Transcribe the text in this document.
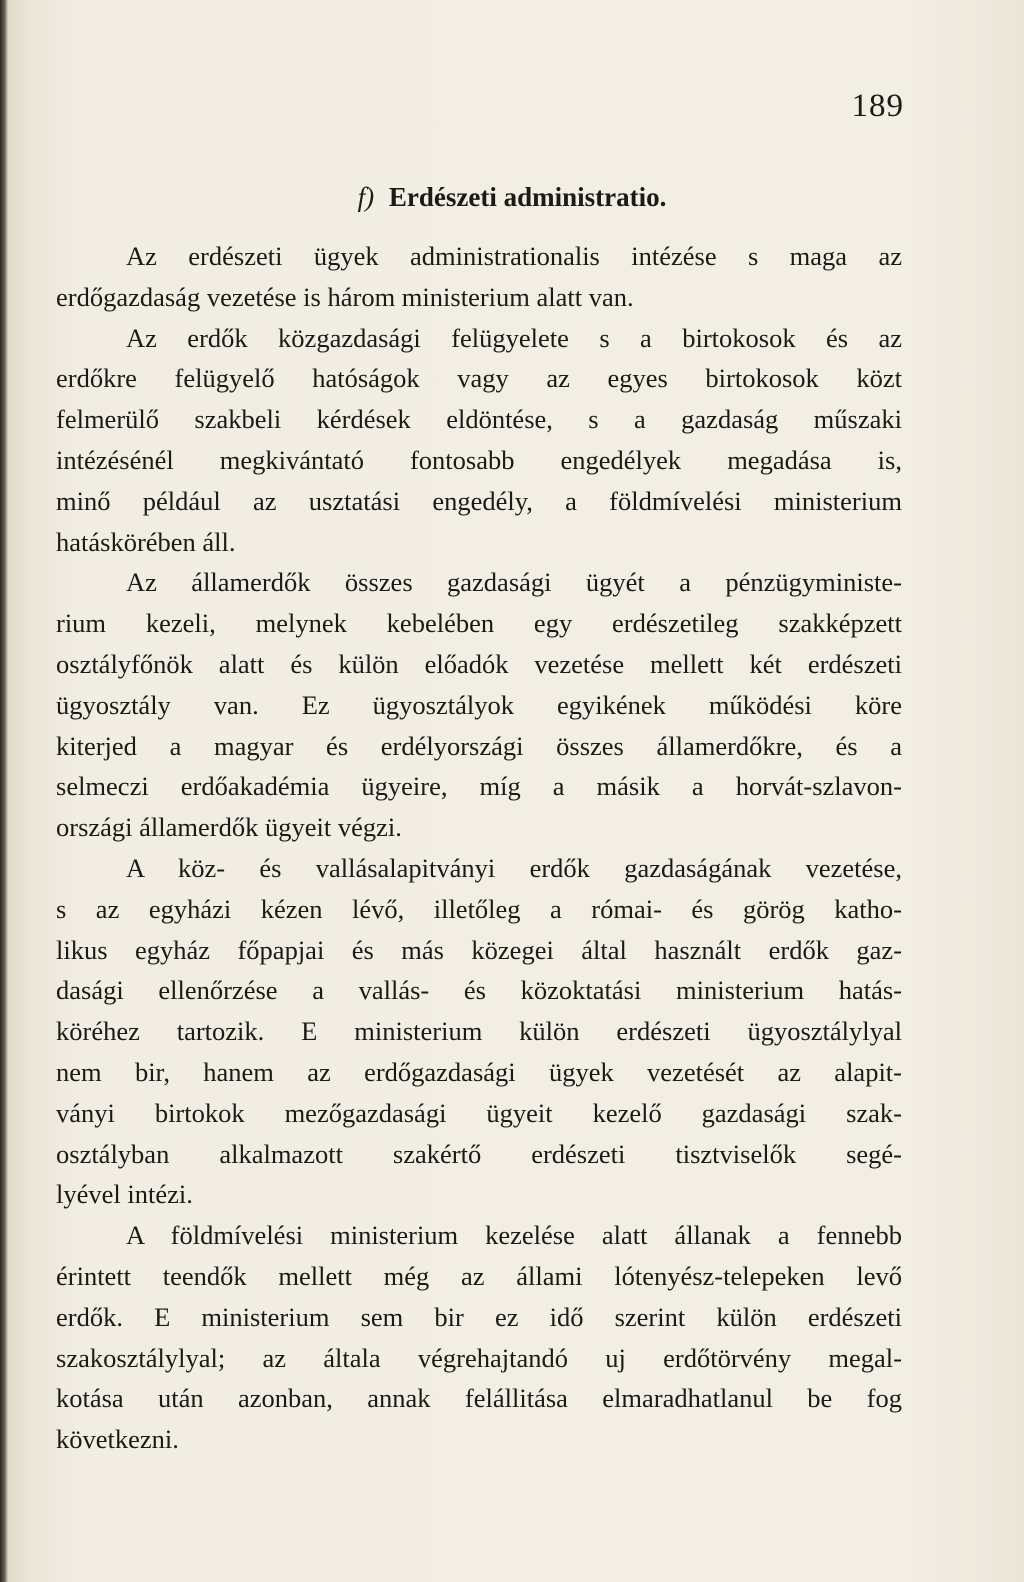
189
f) Erdészeti administratio.
Az erdészeti ügyek administrationalis intézése s maga az
erdőgazdaság vezetése is három ministerium alatt van.
Az erdők közgazdasági felügyelete s a birtokosok és az
erdőkre felügyelő hatóságok vagy az egyes birtokosok közt
felmerülő szakbeli kérdések eldöntése, s a gazdaság műszaki
intézésénél megkivántató fontosabb engedélyek megadása is,
minő például az usztatási engedély, a földmívelési ministerium
hatáskörében áll.
Az államerdők összes gazdasági ügyét a pénzügyministe-
rium kezeli, melynek kebelében egy erdészetileg szakképzett
osztályfőnök alatt és külön előadók vezetése mellett két erdészeti
ügyosztály van. Ez ügyosztályok egyikének működési köre
kiterjed a magyar és erdélyországi összes államerdőkre, és a
selmeczi erdőakadémia ügyeire, míg a másik a horvát-szlavon-
országi államerdők ügyeit végzi.
A köz- és vallásalapitványi erdők gazdaságának vezetése,
s az egyházi kézen lévő, illetőleg a római- és görög katho-
likus egyház főpapjai és más közegei által használt erdők gaz-
dasági ellenőrzése a vallás- és közoktatási ministerium hatás-
köréhez tartozik. E ministerium külön erdészeti ügyosztálylyal
nem bir, hanem az erdőgazdasági ügyek vezetését az alapit-
ványi birtokok mezőgazdasági ügyeit kezelő gazdasági szak-
osztályban alkalmazott szakértő erdészeti tisztviselők segé-
lyével intézi.
A földmívelési ministerium kezelése alatt állanak a fennebb
érintett teendők mellett még az állami lótenyész-telepeken levő
erdők. E ministerium sem bir ez idő szerint külön erdészeti
szakosztálylyal; az általa végrehajtandó uj erdőtörvény megal-
kotása után azonban, annak felállitása elmaradhatlanul be fog
következni.
